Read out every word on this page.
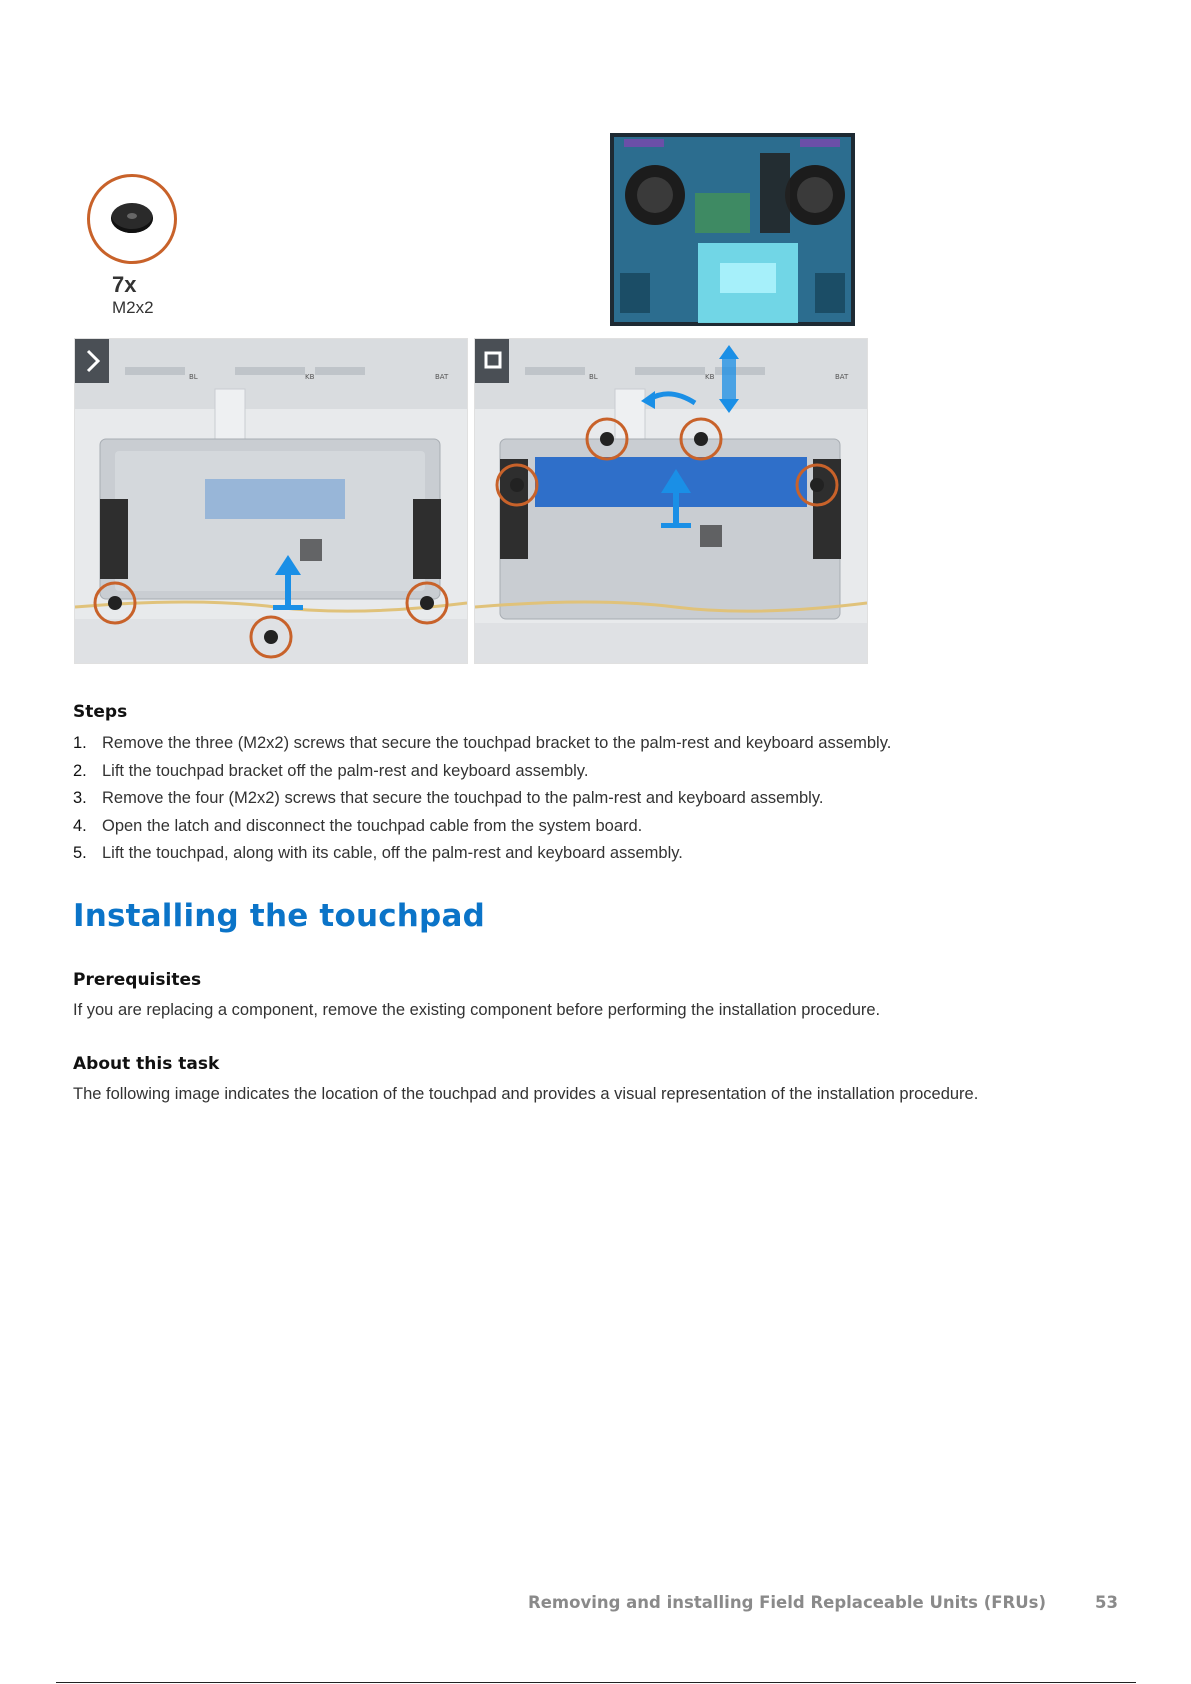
7x
M2x2
BL	KB	BAT	BL	KB	BAT
Steps
1. Remove the three (M2x2) screws that secure the touchpad bracket to the palm-rest and keyboard assembly.
2. Lift the touchpad bracket off the palm-rest and keyboard assembly.
3. Remove the four (M2x2) screws that secure the touchpad to the palm-rest and keyboard assembly.
4. Open the latch and disconnect the touchpad cable from the system board.
5. Lift the touchpad, along with its cable, off the palm-rest and keyboard assembly.
Installing the touchpad
Prerequisites
If you are replacing a component, remove the existing component before performing the installation procedure.
About this task
The following image indicates the location of the touchpad and provides a visual representation of the installation procedure.
Removing and installing Field Replaceable Units (FRUs)	53
